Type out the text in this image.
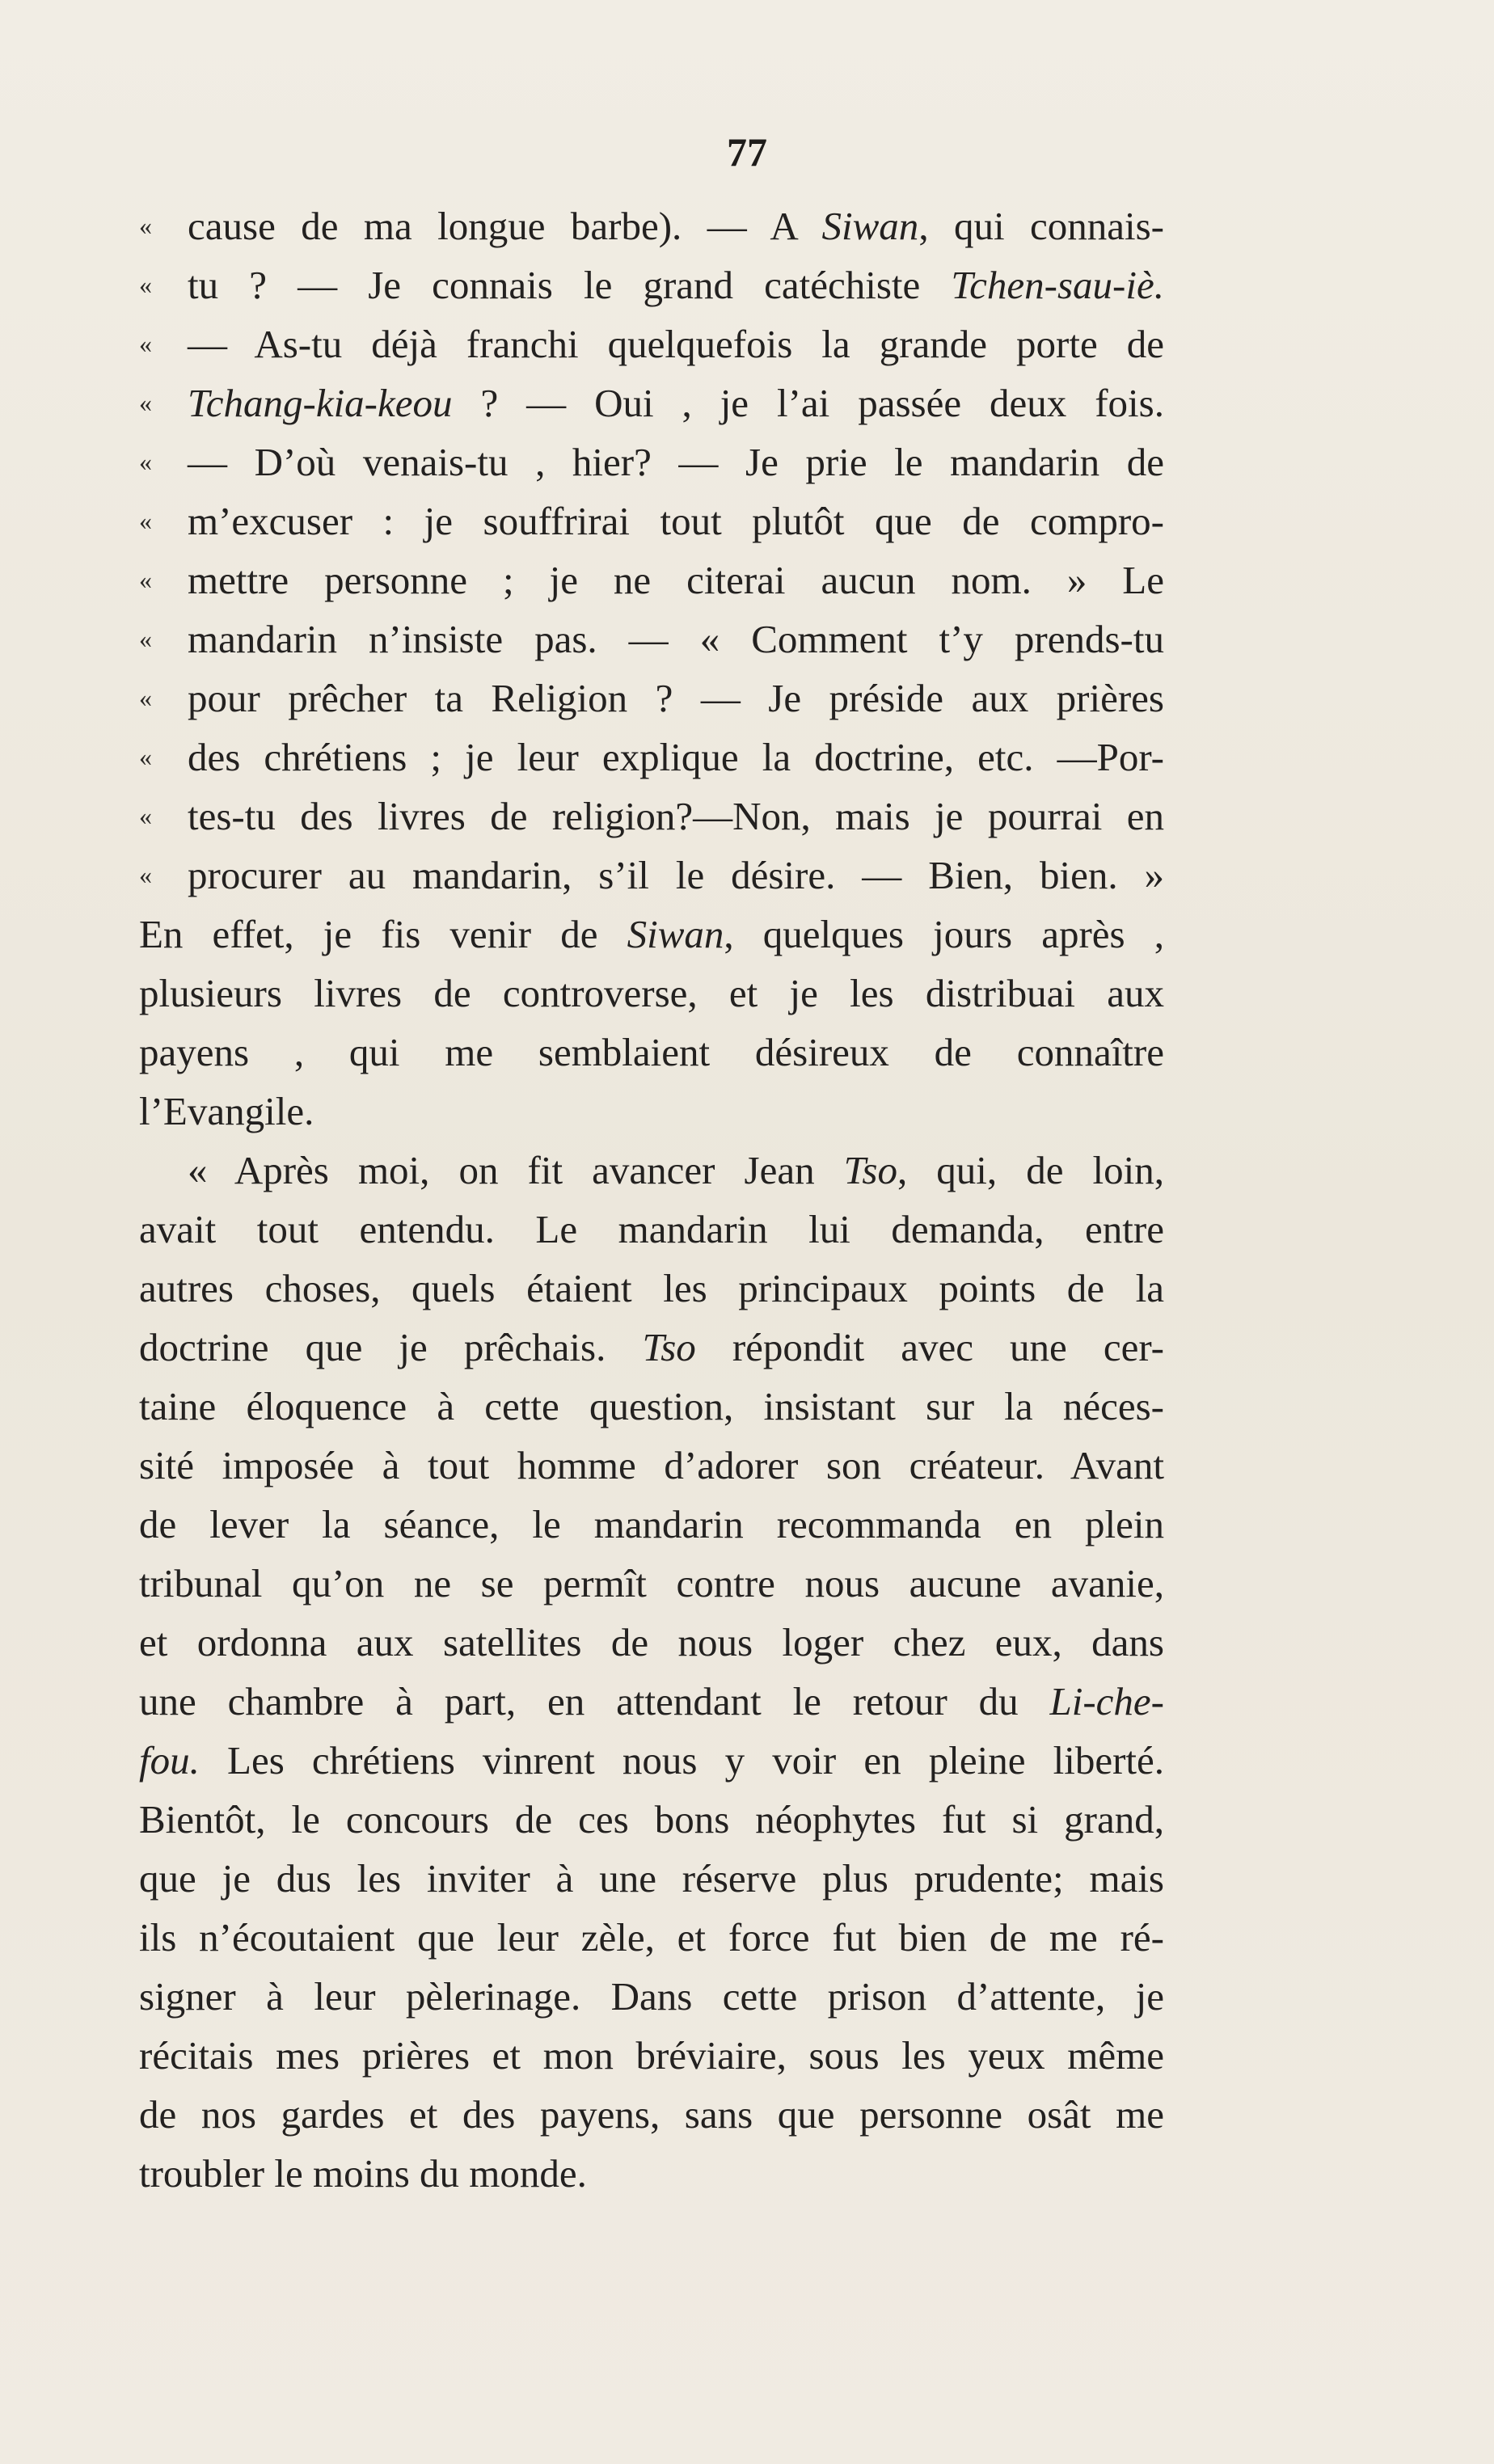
77
« cause de ma longue barbe). — A Siwan, qui connais-
« tu ? — Je connais le grand catéchiste Tchen-sau-iè.
« — As-tu déjà franchi quelquefois la grande porte de
« Tchang-kia-keou ? — Oui , je l’ai passée deux fois.
« — D’où venais-tu , hier? — Je prie le mandarin de
« m’excuser : je souffrirai tout plutôt que de compro-
« mettre personne ; je ne citerai aucun nom. » Le
« mandarin n’insiste pas. — « Comment t’y prends-tu
« pour prêcher ta Religion ? — Je préside aux prières
« des chrétiens ; je leur explique la doctrine, etc. —Por-
« tes-tu des livres de religion?—Non, mais je pourrai en
« procurer au mandarin, s’il le désire. — Bien, bien. »
En effet, je fis venir de Siwan, quelques jours après ,
plusieurs livres de controverse, et je les distribuai aux
payens , qui me semblaient désireux de connaître
l’Evangile.
« Après moi, on fit avancer Jean Tso, qui, de loin,
avait tout entendu. Le mandarin lui demanda, entre
autres choses, quels étaient les principaux points de la
doctrine que je prêchais. Tso répondit avec une cer-
taine éloquence à cette question, insistant sur la néces-
sité imposée à tout homme d’adorer son créateur. Avant
de lever la séance, le mandarin recommanda en plein
tribunal qu’on ne se permît contre nous aucune avanie,
et ordonna aux satellites de nous loger chez eux, dans
une chambre à part, en attendant le retour du Li-che-
fou. Les chrétiens vinrent nous y voir en pleine liberté.
Bientôt, le concours de ces bons néophytes fut si grand,
que je dus les inviter à une réserve plus prudente; mais
ils n’écoutaient que leur zèle, et force fut bien de me ré-
signer à leur pèlerinage. Dans cette prison d’attente, je
récitais mes prières et mon bréviaire, sous les yeux même
de nos gardes et des payens, sans que personne osât me
troubler le moins du monde.
